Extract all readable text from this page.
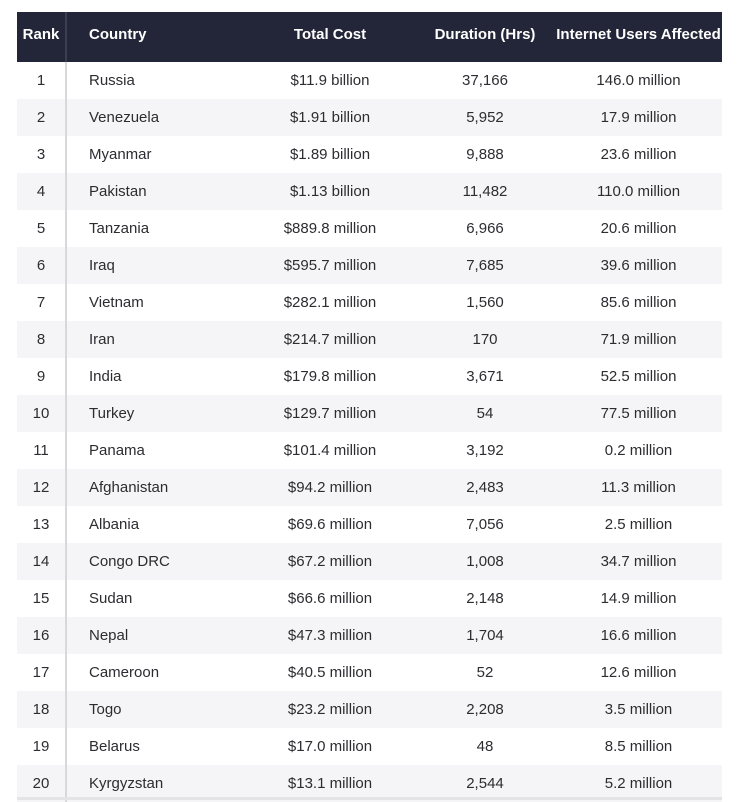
Rank	Country	Total Cost	Duration (Hrs)	Internet Users Affected
1	Russia	$11.9 billion	37,166	146.0 million
2	Venezuela	$1.91 billion	5,952	17.9 million
3	Myanmar	$1.89 billion	9,888	23.6 million
4	Pakistan	$1.13 billion	11,482	110.0 million
5	Tanzania	$889.8 million	6,966	20.6 million
6	Iraq	$595.7 million	7,685	39.6 million
7	Vietnam	$282.1 million	1,560	85.6 million
8	Iran	$214.7 million	170	71.9 million
9	India	$179.8 million	3,671	52.5 million
10	Turkey	$129.7 million	54	77.5 million
11	Panama	$101.4 million	3,192	0.2 million
12	Afghanistan	$94.2 million	2,483	11.3 million
13	Albania	$69.6 million	7,056	2.5 million
14	Congo DRC	$67.2 million	1,008	34.7 million
15	Sudan	$66.6 million	2,148	14.9 million
16	Nepal	$47.3 million	1,704	16.6 million
17	Cameroon	$40.5 million	52	12.6 million
18	Togo	$23.2 million	2,208	3.5 million
19	Belarus	$17.0 million	48	8.5 million
20	Kyrgyzstan	$13.1 million	2,544	5.2 million
